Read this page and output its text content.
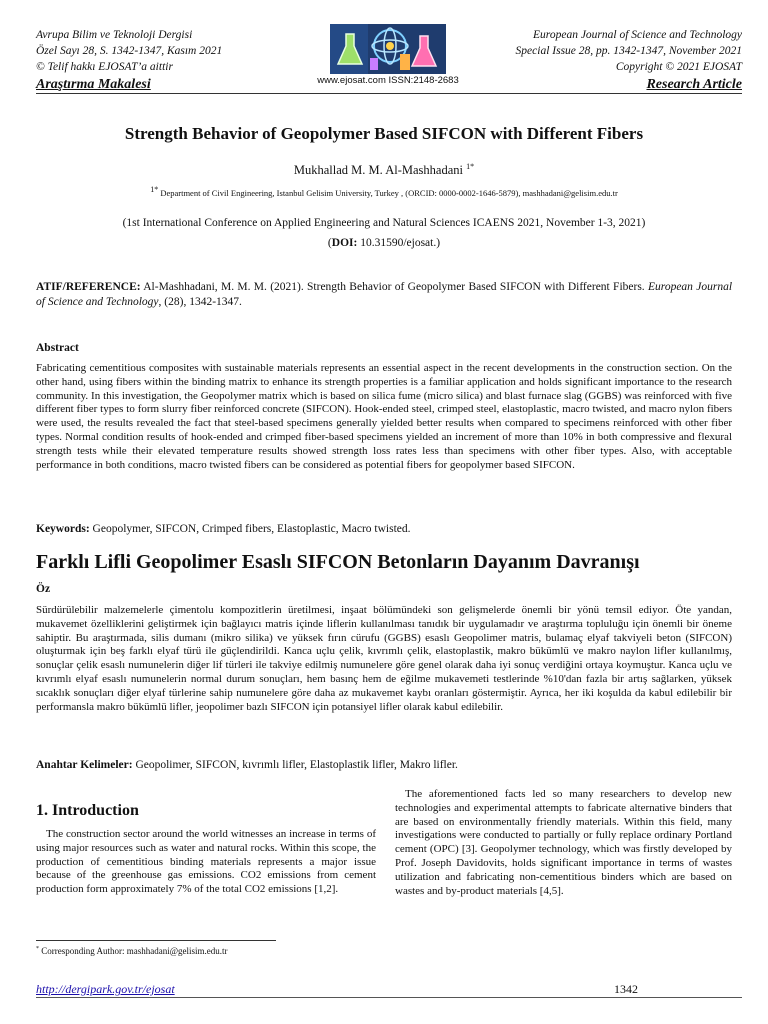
Avrupa Bilim ve Teknoloji Dergisi
Özel Sayı 28, S. 1342-1347, Kasım 2021
© Telif hakkı EJOSAT’a aittir
Araştırma Makalesi	www.ejosat.com ISSN:2148-2683
European Journal of Science and Technology
Special Issue 28, pp. 1342-1347, November 2021
Copyright © 2021 EJOSAT
Research Article
Strength Behavior of Geopolymer Based SIFCON with Different Fibers
Mukhallad M. M. Al-Mashhadani $^{1*}$
$^{1*}$ Department of Civil Engineering, Istanbul Gelisim University, Turkey , (ORCID: 0000-0002-1646-5879), mashhadani@gelisim.edu.tr
(1st International Conference on Applied Engineering and Natural Sciences ICAENS 2021, November 1-3, 2021)
(DOI: 10.31590/ejosat.)
ATIF/REFERENCE: Al-Mashhadani, M. M. M. (2021). Strength Behavior of Geopolymer Based SIFCON with Different Fibers. European Journal of Science and Technology, (28), 1342-1347.
Abstract
Fabricating cementitious composites with sustainable materials represents an essential aspect in the recent developments in the construction section. On the other hand, using fibers within the binding matrix to enhance its strength properties is a familiar application and holds significant importance to the research community. In this investigation, the Geopolymer matrix which is based on silica fume (micro silica) and blast furnace slag (GGBS) was reinforced with five different fiber types to form slurry fiber reinforced concrete (SIFCON). Hook-ended steel, crimped steel, elastoplastic, macro twisted, and macro nylon fibers were used, the results revealed the fact that steel-based specimens generally yielded better results when compared to specimens reinforced with other fiber types. Normal condition results of hook-ended and crimped fiber-based specimens yielded an increment of more than 10% in both compressive and flexural strength tests while their elevated temperature results showed strength loss rates less than specimens with other fiber types. Also, with acceptable performance in both conditions, macro twisted fibers can be considered as potential fibers for geopolymer based SIFCON.
Keywords: Geopolymer, SIFCON, Crimped fibers, Elastoplastic, Macro twisted.
Farklı Lifli Geopolimer Esaslı SIFCON Betonların Dayanım Davranışı
Öz
Sürdürülebilir malzemelerle çimentolu kompozitlerin üretilmesi, inşaat bölümündeki son gelişmelerde önemli bir yönü temsil ediyor. Öte yandan, mukavemet özelliklerini geliştirmek için bağlayıcı matris içinde liflerin kullanılması tanıdık bir uygulamadır ve araştırma topluluğu için önemli bir öneme sahiptir. Bu araştırmada, silis dumanı (mikro silika) ve yüksek fırın cürufu (GGBS) esaslı Geopolimer matris, bulamaç elyaf takviyeli beton (SIFCON) oluşturmak için beş farklı elyaf türü ile güçlendirildi. Kanca uçlu çelik, kıvrımlı çelik, elastoplastik, makro bükümlü ve makro naylon lifler kullanılmış, sonuçlar çelik esaslı numunelerin diğer lif türleri ile takviye edilmiş numunelere göre genel olarak daha iyi sonuç verdiğini ortaya koymuştur. Kanca uçlu ve kıvrımlı elyaf esaslı numunelerin normal durum sonuçları, hem basınç hem de eğilme mukavemeti testlerinde %10'dan fazla bir artış sağlarken, yüksek sıcaklık sonuçları diğer elyaf türlerine sahip numunelere göre daha az mukavemet kaybı oranları göstermiştir. Ayrıca, her iki koşulda da kabul edilebilir bir performansla makro bükümlü lifler, jeopolimer bazlı SIFCON için potansiyel lifler olarak kabul edilebilir.
Anahtar Kelimeler: Geopolimer, SIFCON, kıvrımlı lifler, Elastoplastik lifler, Makro lifler.
1. Introduction
The construction sector around the world witnesses an increase in terms of using major resources such as water and natural rocks. Within this scope, the production of cementitious binding materials represents a major issue because of the greenhouse gas emissions. CO2 emissions from cement production form approximately 7% of the total CO2 emissions [1,2].
The aforementioned facts led so many researchers to develop new technologies and experimental attempts to fabricate alternative binders that are based on environmentally friendly materials. Within this field, many investigations were conducted to partially or fully replace ordinary Portland cement (OPC) [3]. Geopolymer technology, which was firstly developed by Prof. Joseph Davidovits, holds significant importance in terms of wastes utilization and fabricating non-cementitious binders which are based on wastes and by-product materials [4,5].
* Corresponding Author: mashhadani@gelisim.edu.tr
http://dergipark.gov.tr/ejosat	1342
